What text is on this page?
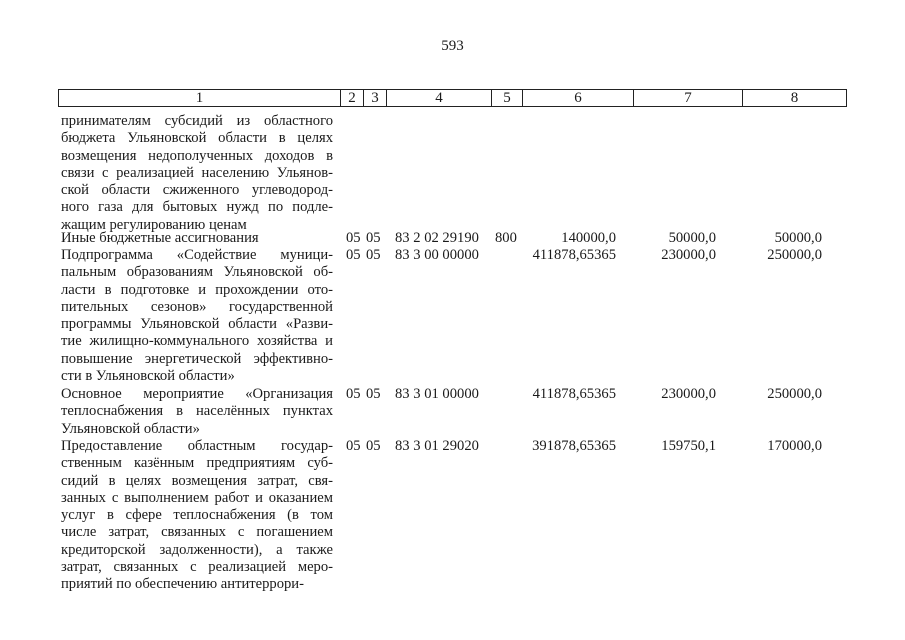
593
1	2	3	4	5	6	7	8
принимателям субсидий из областного
бюджета Ульяновской области в целях
возмещения недополученных доходов в
связи с реализацией населению Ульянов-
ской области сжиженного углеводород-
ного газа для бытовых нужд по подле-
жащим регулированию ценам
Иные бюджетные ассигнования	05 05 83 2 02 29190	800	140000,0	50000,0	50000,0
Подпрограмма «Содействие муници-
пальным образованиям Ульяновской об-
ласти в подготовке и прохождении ото-
пительных сезонов» государственной
программы Ульяновской области «Разви-
тие жилищно-коммунального хозяйства и
повышение энергетической эффективно-
сти в Ульяновской области»
05 05 83 3 00 00000	411878,65365	230000,0	250000,0
Основное мероприятие «Организация
теплоснабжения в населённых пунктах
Ульяновской области»
05 05 83 3 01 00000	411878,65365	230000,0	250000,0
Предоставление областным государ-
ственным казённым предприятиям суб-
сидий в целях возмещения затрат, свя-
занных с выполнением работ и оказанием
услуг в сфере теплоснабжения (в том
числе затрат, связанных с погашением
кредиторской задолженности), а также
затрат, связанных с реализацией меро-
приятий по обеспечению антитеррори-
05 05 83 3 01 29020	391878,65365	159750,1	170000,0
